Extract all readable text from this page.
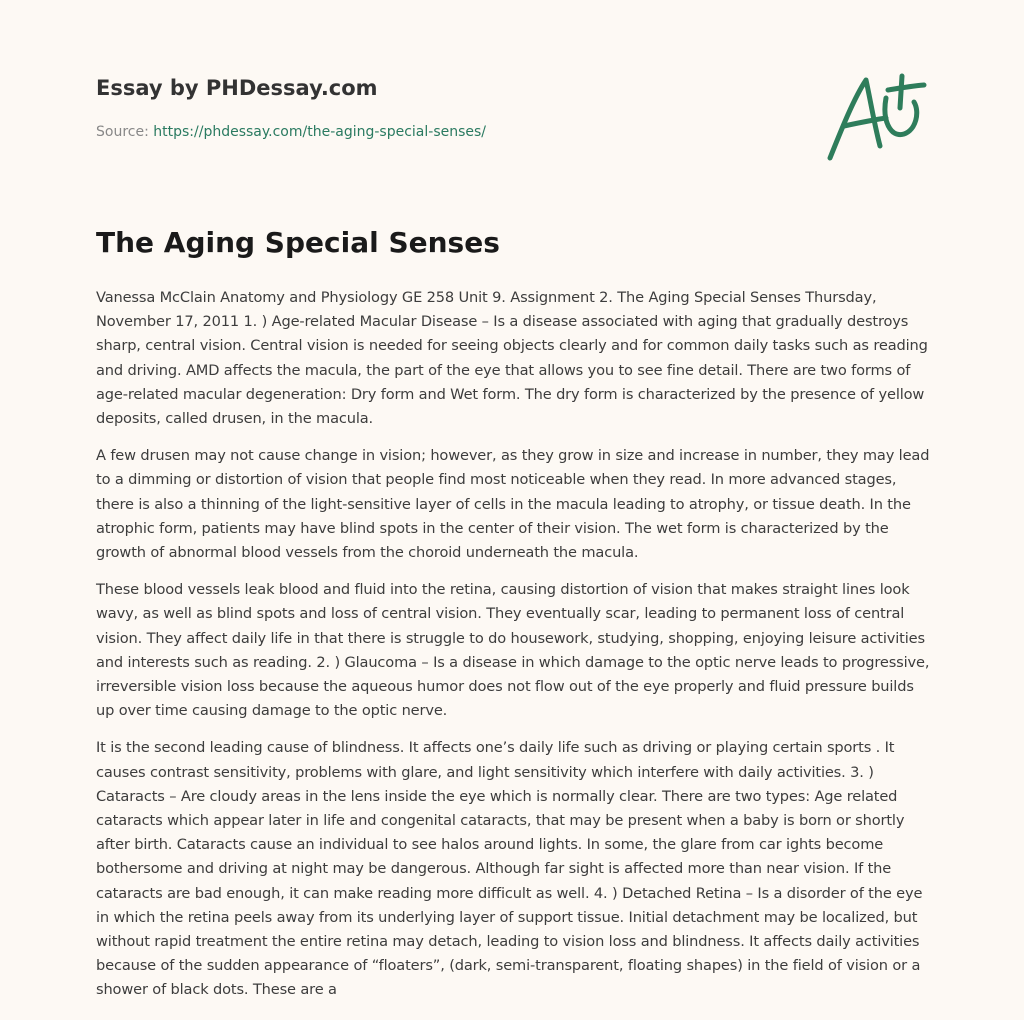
Essay by PHDessay.com
Source: https://phdessay.com/the-aging-special-senses/
The Aging Special Senses

Vanessa McClain Anatomy and Physiology GE 258 Unit 9. Assignment 2. The Aging Special Senses Thursday, November 17, 2011 1. ) Age-related Macular Disease – Is a disease associated with aging that gradually destroys sharp, central vision. Central vision is needed for seeing objects clearly and for common daily tasks such as reading and driving. AMD affects the macula, the part of the eye that allows you to see fine detail. There are two forms of age-related macular degeneration: Dry form and Wet form. The dry form is characterized by the presence of yellow deposits, called drusen, in the macula.

A few drusen may not cause change in vision; however, as they grow in size and increase in number, they may lead to a dimming or distortion of vision that people find most noticeable when they read. In more advanced stages, there is also a thinning of the light-sensitive layer of cells in the macula leading to atrophy, or tissue death. In the atrophic form, patients may have blind spots in the center of their vision. The wet form is characterized by the growth of abnormal blood vessels from the choroid underneath the macula.

These blood vessels leak blood and fluid into the retina, causing distortion of vision that makes straight lines look wavy, as well as blind spots and loss of central vision. They eventually scar, leading to permanent loss of central vision. They affect daily life in that there is struggle to do housework, studying, shopping, enjoying leisure activities and interests such as reading. 2. ) Glaucoma – Is a disease in which damage to the optic nerve leads to progressive, irreversible vision loss because the aqueous humor does not flow out of the eye properly and fluid pressure builds up over time causing damage to the optic nerve.

It is the second leading cause of blindness. It affects one’s daily life such as driving or playing certain sports . It causes contrast sensitivity, problems with glare, and light sensitivity which interfere with daily activities. 3. ) Cataracts – Are cloudy areas in the lens inside the eye which is normally clear. There are two types: Age related cataracts which appear later in life and congenital cataracts, that may be present when a baby is born or shortly after birth. Cataracts cause an individual to see halos around lights. In some, the glare from car ights become bothersome and driving at night may be dangerous. Although far sight is affected more than near vision. If the cataracts are bad enough, it can make reading more difficult as well. 4. ) Detached Retina – Is a disorder of the eye in which the retina peels away from its underlying layer of support tissue. Initial detachment may be localized, but without rapid treatment the entire retina may detach, leading to vision loss and blindness. It affects daily activities because of the sudden appearance of “floaters”, (dark, semi-transparent, floating shapes) in the field of vision or a shower of black dots. These are a
